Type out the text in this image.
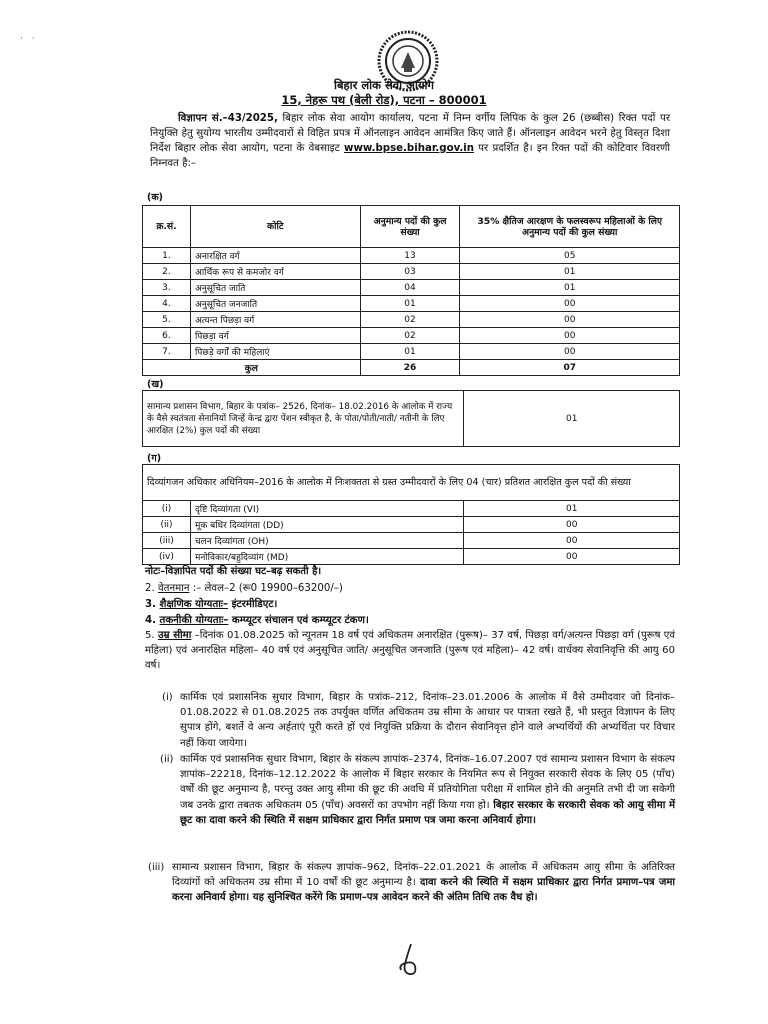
· ·
बिहार लोक सेवा आयोग
15, नेहरू पथ (बेली रोड), पटना – 800001
विज्ञापन सं.–43/2025, बिहार लोक सेवा आयोग कार्यालय, पटना में निम्न वर्गीय लिपिक के कुल 26 (छब्बीस) रिक्त पदों पर नियुक्ति हेतु सुयोग्य भारतीय उम्मीदवारों से विहित प्रपत्र में ऑनलाइन आवेदन आमंत्रित किए जाते हैं। ऑनलाइन आवेदन भरने हेतु विस्तृत दिशा निर्देश बिहार लोक सेवा आयोग, पटना के वेबसाइट www.bpse.bihar.gov.in पर प्रदर्शित है। इन रिक्त पदों की कोटिवार विवरणी निम्नवत है:–
(क)
क्र.सं.	कोटि	अनुमान्य पदों की कुल संख्या	35% क्षैतिज आरक्षण के फलस्वरूप महिलाओं के लिए अनुमान्य पदों की कुल संख्या
1.	अनारक्षित वर्ग	13	05
2.	आर्थिक रूप से कमजोर वर्ग	03	01
3.	अनुसूचित जाति	04	01
4.	अनुसूचित जनजाति	01	00
5.	अत्यन्त पिछड़ा वर्ग	02	00
6.	पिछड़ा वर्ग	02	00
7.	पिछड़े वर्गों की महिलाएं	01	00
कुल		26	07
(ख)
सामान्य प्रशासन विभाग, बिहार के पत्रांक– 2526, दिनांक– 18.02.2016 के आलोक में राज्य के वैसे स्वतंत्रता सेनानियों जिन्हें केन्द्र द्वारा पेंशन स्वीकृत है, के पोता/पोती/नाती/ नतीनी के लिए आरक्षित (2%) कुल पदों की संख्या	01
(ग)
दिव्यांगजन अधिकार अधिनियम–2016 के आलोक में निःशक्तता से ग्रस्त उम्मीदवारों के लिए 04 (चार) प्रतिशत आरक्षित कुल पदों की संख्या		
(i)	दृष्टि दिव्यांगता (VI)	01
(ii)	मूक बधिर दिव्यांगता (DD)	00
(iii)	चलन दिव्यांगता (OH)	00
(iv)	मनोविकार/बहुदिव्यांग (MD)	00
नोटः–विज्ञापित पदों की संख्या घट–बढ़ सकती है।
2. वेतनमान :– लेवल–2 (रू0 19900–63200/–)
3. शैक्षणिक योग्यताः– इंटरमीडिएट।
4. तकनीकी योग्यताः– कम्प्यूटर संचालन एवं कम्प्यूटर टंकण।
5. उम्र सीमा –दिनांक 01.08.2025 को न्यूनतम 18 वर्ष एवं अधिकतम अनारक्षित (पुरूष)– 37 वर्ष, पिछड़ा वर्ग/अत्यन्त पिछड़ा वर्ग (पुरूष एवं महिला) एवं अनारक्षित महिला– 40 वर्ष एवं अनुसूचित जाति/ अनुसूचित जनजाति (पुरूष एवं महिला)– 42 वर्ष। वार्धक्य सेवानिवृत्ति की आयु 60 वर्ष।
(i) कार्मिक एवं प्रशासनिक सुधार विभाग, बिहार के पत्रांक–212, दिनांक–23.01.2006 के आलोक में वैसे उम्मीदवार जो दिनांक– 01.08.2022 से 01.08.2025 तक उपर्युक्त वर्णित अधिकतम उम्र सीमा के आधार पर पात्रता रखते हैं, भी प्रस्तुत विज्ञापन के लिए सुपात्र होंगे, बशर्ते वे अन्य अर्हताएं पूरी करते हों एवं नियुक्ति प्रक्रिया के दौरान सेवानिवृत्त होने वाले अभ्यर्थियों की अभ्यर्थिता पर विचार नहीं किया जायेगा।
(ii) कार्मिक एवं प्रशासनिक सुधार विभाग, बिहार के संकल्प ज्ञापांक–2374, दिनांक–16.07.2007 एवं सामान्य प्रशासन विभाग के संकल्प ज्ञापांक–22218, दिनांक–12.12.2022 के आलोक में बिहार सरकार के नियमित रूप से नियुक्त सरकारी सेवक के लिए 05 (पाँच) वर्षों की छूट अनुमान्य है, परन्तु उक्त आयु सीमा की छूट की अवधि में प्रतियोगिता परीक्षा में शामिल होने की अनुमति तभी दी जा सकेगी जब उनके द्वारा तबतक अधिकतम 05 (पाँच) अवसरों का उपभोग नहीं किया गया हो। बिहार सरकार के सरकारी सेवक को आयु सीमा में छूट का दावा करने की स्थिति में सक्षम प्राधिकार द्वारा निर्गत प्रमाण पत्र जमा करना अनिवार्य होगा।
(iii) सामान्य प्रशासन विभाग, बिहार के संकल्प ज्ञापांक–962, दिनांक–22.01.2021 के आलोक में अधिकतम आयु सीमा के अतिरिक्त दिव्यांगों को अधिकतम उम्र सीमा में 10 वर्षों की छूट अनुमान्य है। दावा करने की स्थिति में सक्षम प्राधिकार द्वारा निर्गत प्रमाण–पत्र जमा करना अनिवार्य होगा। यह सुनिश्चित करेंगे कि प्रमाण–पत्र आवेदन करने की अंतिम तिथि तक वैध हो।
